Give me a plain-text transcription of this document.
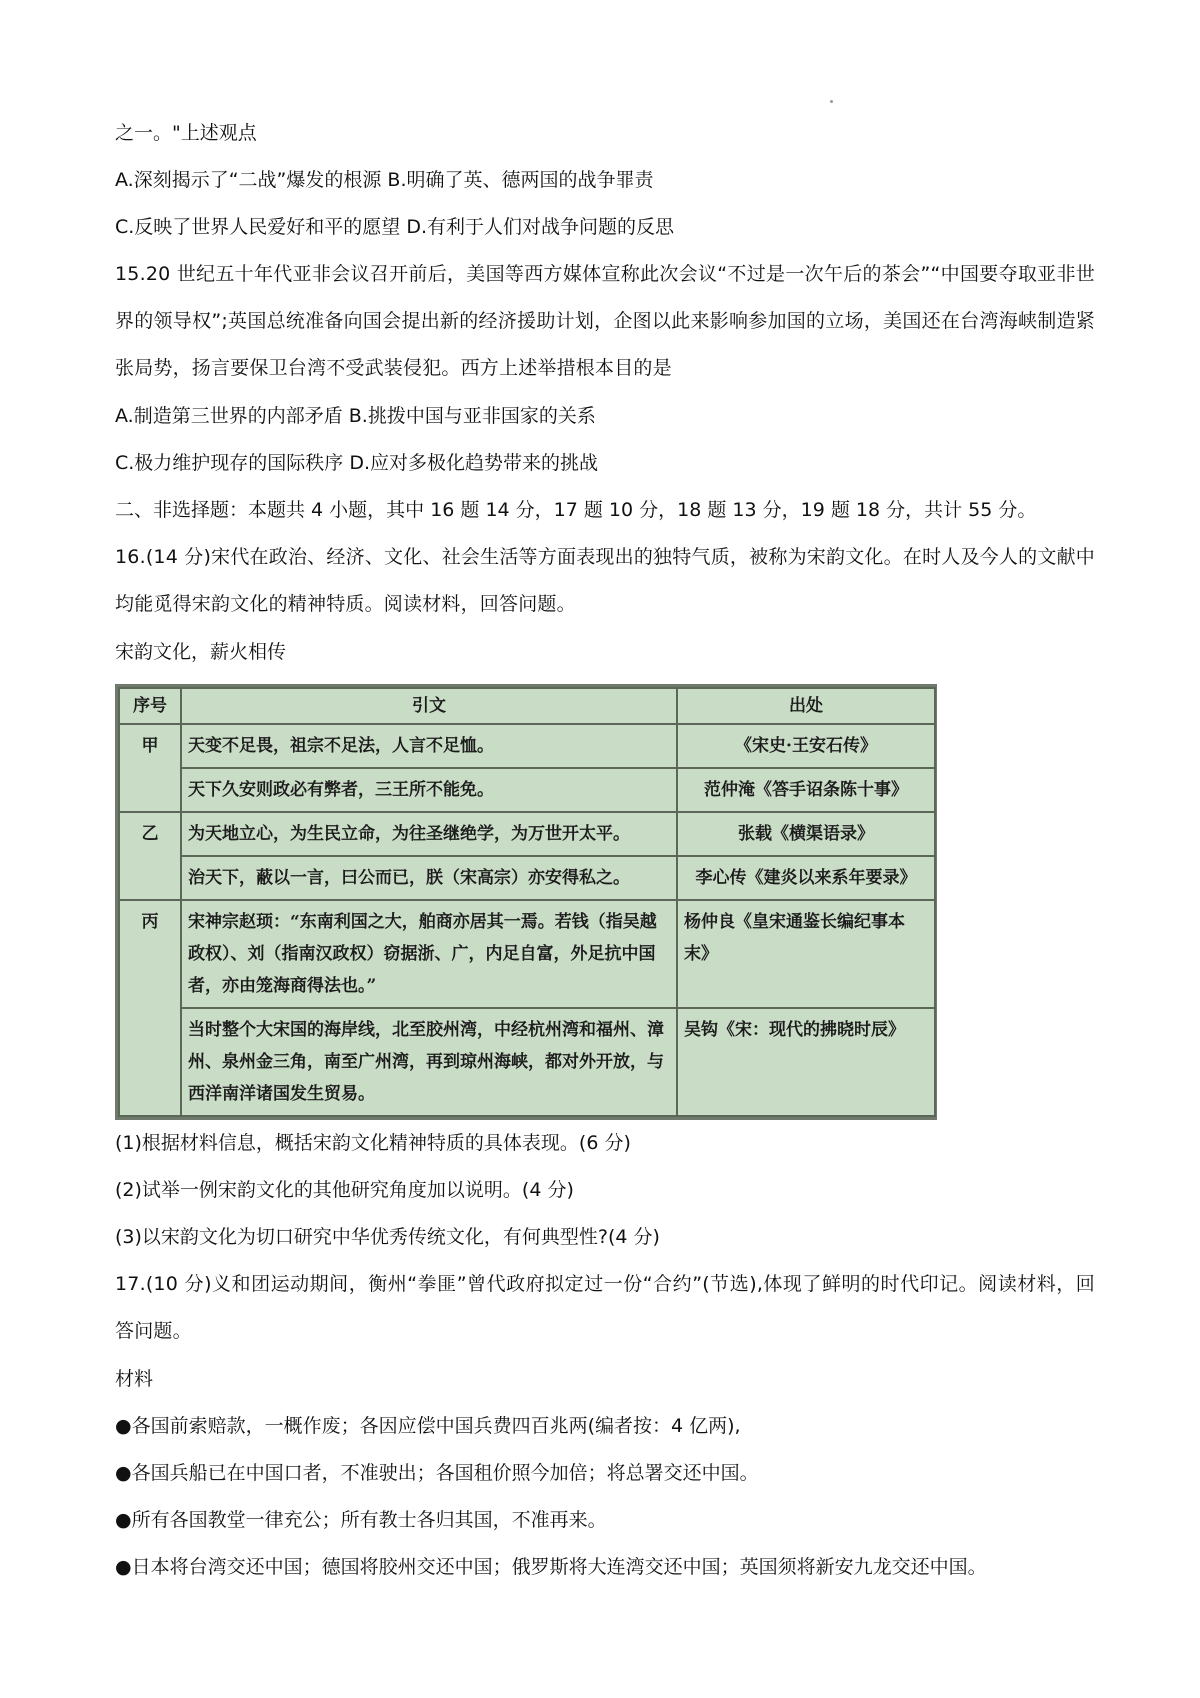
之一。"上述观点
A.深刻揭示了“二战”爆发的根源 B.明确了英、德两国的战争罪责
C.反映了世界人民爱好和平的愿望 D.有利于人们对战争问题的反思
15.20 世纪五十年代亚非会议召开前后，美国等西方媒体宣称此次会议“不过是一次午后的茶会”“中国要夺取亚非世界的领导权”;英国总统准备向国会提出新的经济援助计划，企图以此来影响参加国的立场，美国还在台湾海峡制造紧张局势，扬言要保卫台湾不受武装侵犯。西方上述举措根本目的是
A.制造第三世界的内部矛盾 B.挑拨中国与亚非国家的关系
C.极力维护现存的国际秩序 D.应对多极化趋势带来的挑战
二、非选择题：本题共 4 小题，其中 16 题 14 分，17 题 10 分，18 题 13 分，19 题 18 分，共计 55 分。
16.(14 分)宋代在政治、经济、文化、社会生活等方面表现出的独特气质，被称为宋韵文化。在时人及今人的文献中均能觅得宋韵文化的精神特质。阅读材料，回答问题。
宋韵文化，薪火相传
序号	引文	出处
甲	天变不足畏，祖宗不足法，人言不足恤。	《宋史·王安石传》
	天下久安则政必有弊者，三王所不能免。	范仲淹《答手诏条陈十事》
乙	为天地立心，为生民立命，为往圣继绝学，为万世开太平。	张载《横渠语录》
	治天下，蔽以一言，曰公而已，朕（宋高宗）亦安得私之。	李心传《建炎以来系年要录》
丙	宋神宗赵顼：“东南利国之大，舶商亦居其一焉。若钱（指吴越政权）、刘（指南汉政权）窃据浙、广，内足自富，外足抗中国者，亦由笼海商得法也。”	杨仲良《皇宋通鉴长编纪事本末》
	当时整个大宋国的海岸线，北至胶州湾，中经杭州湾和福州、漳州、泉州金三角，南至广州湾，再到琼州海峡，都对外开放，与西洋南洋诸国发生贸易。	吴钩《宋：现代的拂晓时辰》
(1)根据材料信息，概括宋韵文化精神特质的具体表现。(6 分)
(2)试举一例宋韵文化的其他研究角度加以说明。(4 分)
(3)以宋韵文化为切口研究中华优秀传统文化，有何典型性?(4 分)
17.(10 分)义和团运动期间，衡州“拳匪”曾代政府拟定过一份“合约”(节选),体现了鲜明的时代印记。阅读材料，回答问题。
材料
●各国前索赔款，一概作废；各因应偿中国兵费四百兆两(编者按：4 亿两),
●各国兵船已在中国口者，不准驶出；各国租价照今加倍；将总署交还中国。
●所有各国教堂一律充公；所有教士各归其国，不准再来。
●日本将台湾交还中国；德国将胶州交还中国；俄罗斯将大连湾交还中国；英国须将新安九龙交还中国。
